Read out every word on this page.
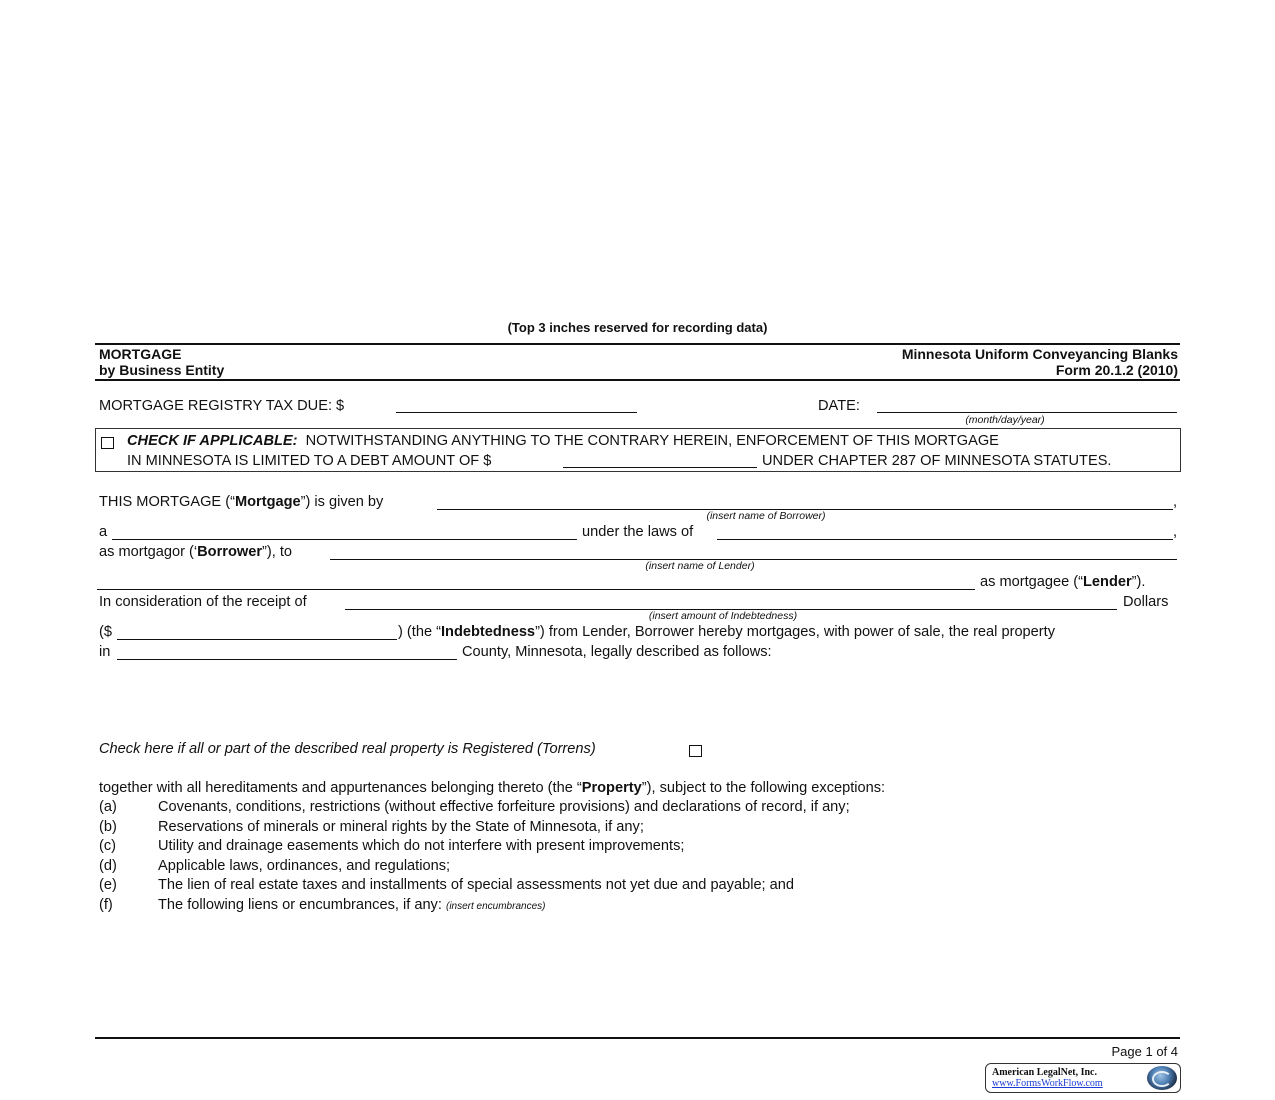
(Top 3 inches reserved for recording data)
MORTGAGE
by Business Entity
Minnesota Uniform Conveyancing Blanks
Form 20.1.2 (2010)
MORTGAGE REGISTRY TAX DUE: $	DATE:
(month/day/year)
CHECK IF APPLICABLE: NOTWITHSTANDING ANYTHING TO THE CONTRARY HEREIN, ENFORCEMENT OF THIS MORTGAGE
IN MINNESOTA IS LIMITED TO A DEBT AMOUNT OF $	UNDER CHAPTER 287 OF MINNESOTA STATUTES.
THIS MORTGAGE (“Mortgage”) is given by	,
(insert name of Borrower)
a	under the laws of	,
as mortgagor (‘Borrower”), to
(insert name of Lender)
as mortgagee (“Lender”).
In consideration of the receipt of	Dollars
(insert amount of Indebtedness)
($	) (the “Indebtedness”) from Lender, Borrower hereby mortgages, with power of sale, the real property
in	County, Minnesota, legally described as follows:
Check here if all or part of the described real property is Registered (Torrens)
together with all hereditaments and appurtenances belonging thereto (the “Property”), subject to the following exceptions:
(a)	Covenants, conditions, restrictions (without effective forfeiture provisions) and declarations of record, if any;
(b)	Reservations of minerals or mineral rights by the State of Minnesota, if any;
(c)	Utility and drainage easements which do not interfere with present improvements;
(d)	Applicable laws, ordinances, and regulations;
(e)	The lien of real estate taxes and installments of special assessments not yet due and payable; and
(f)	The following liens or encumbrances, if any: (insert encumbrances)
Page 1 of 4
American LegalNet, Inc.
www.FormsWorkFlow.com
